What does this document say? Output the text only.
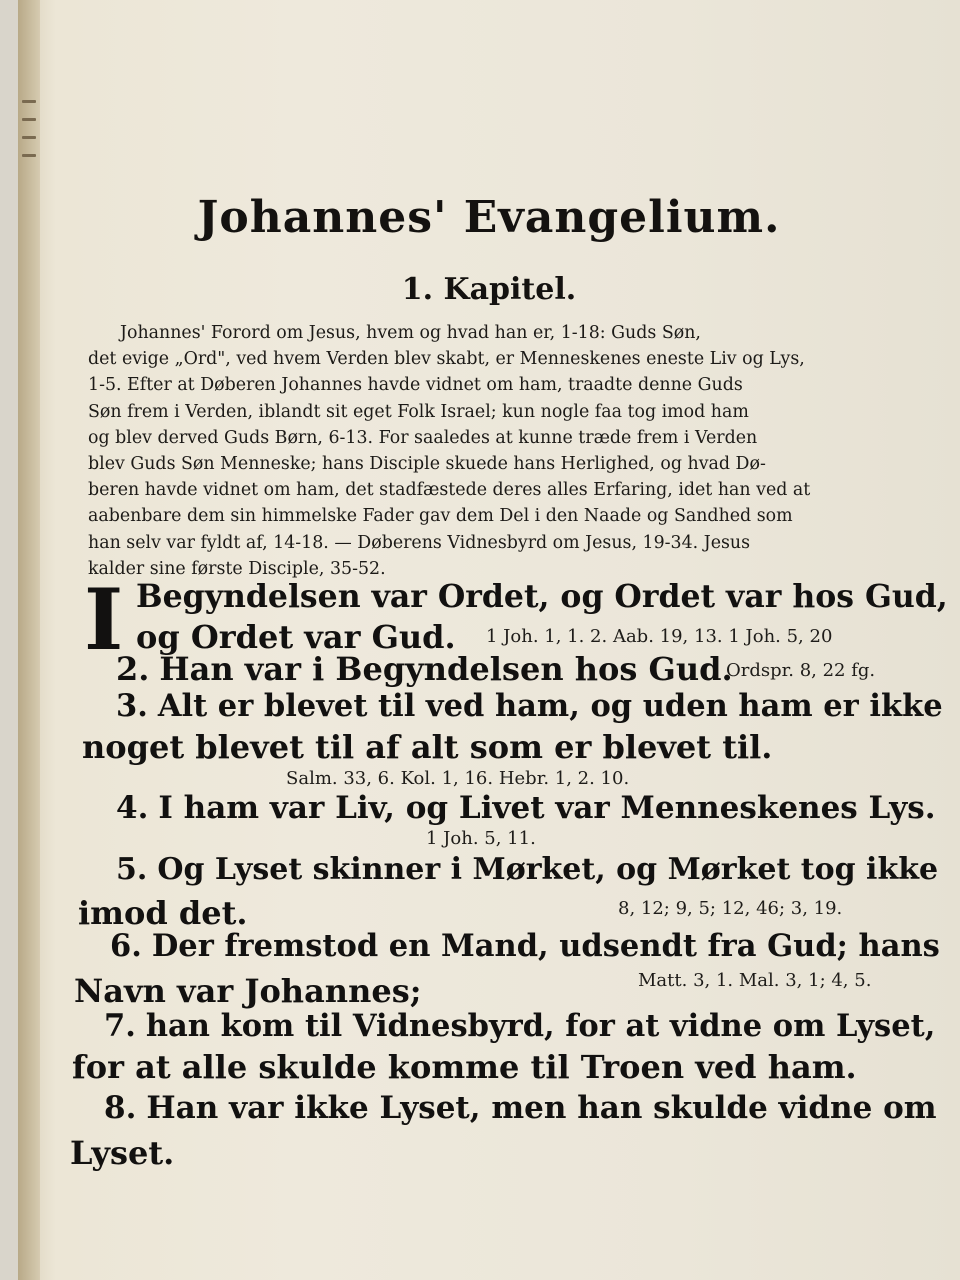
Johannes' Evangelium.
1. Kapitel.
Johannes' Forord om Jesus, hvem og hvad han er, 1-18: Guds Søn,
det evige „Ord", ved hvem Verden blev skabt, er Menneskenes eneste Liv og Lys,
1-5. Efter at Døberen Johannes havde vidnet om ham, traadte denne Guds
Søn frem i Verden, iblandt sit eget Folk Israel; kun nogle faa tog imod ham
og blev derved Guds Børn, 6-13. For saaledes at kunne træde frem i Verden
blev Guds Søn Menneske; hans Disciple skuede hans Herlighed, og hvad Dø-
beren havde vidnet om ham, det stadfæstede deres alles Erfaring, idet han ved at
aabenbare dem sin himmelske Fader gav dem Del i den Naade og Sandhed som
han selv var fyldt af, 14-18. — Døberens Vidnesbyrd om Jesus, 19-34. Jesus
kalder sine første Disciple, 35-52.
I Begyndelsen var Ordet, og Ordet var hos Gud,
og Ordet var Gud. 1 Joh. 1, 1. 2. Aab. 19, 13. 1 Joh. 5, 20
2. Han var i Begyndelsen hos Gud.
Ordspr. 8, 22 fg.
3. Alt er blevet til ved ham, og uden ham er ikke
noget blevet til af alt som er blevet til.
Salm. 33, 6. Kol. 1, 16. Hebr. 1, 2. 10.
4. I ham var Liv, og Livet var Menneskenes Lys.
1 Joh. 5, 11.
5. Og Lyset skinner i Mørket, og Mørket tog ikke
imod det.	8, 12; 9, 5; 12, 46; 3, 19.
6. Der fremstod en Mand, udsendt fra Gud; hans
Navn var Johannes;	Matt. 3, 1. Mal. 3, 1; 4, 5.
7. han kom til Vidnesbyrd, for at vidne om Lyset,
for at alle skulde komme til Troen ved ham.
8. Han var ikke Lyset, men han skulde vidne om
Lyset.
